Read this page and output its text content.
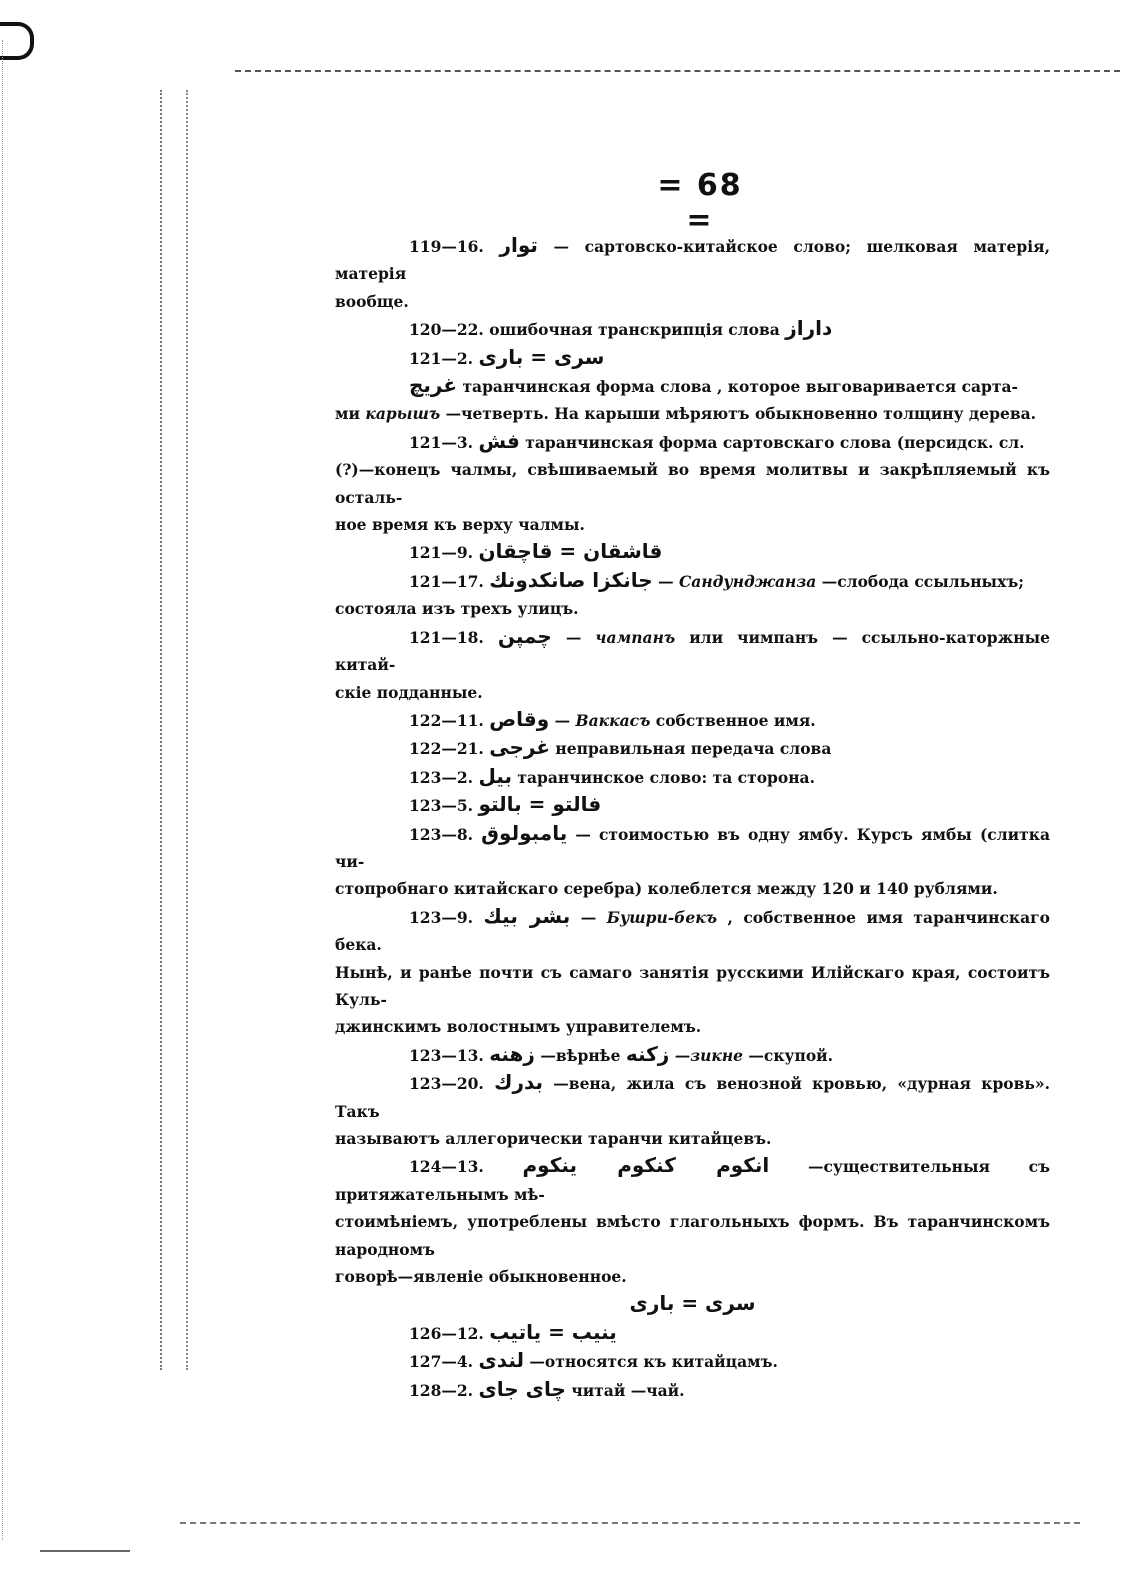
= 68 =

119—16. توار — сартовско-китайское слово; шелковая матерія, матерія

вообще.

120—22. ошибочная транскрипція слова داراز

121—2. سرى = باری

غريچ таранчинская форма слова , которое выговаривается сарта-

ми карышъ —четверть. На карыши мѣряютъ обыкновенно толщину дерева.

121—3. فش таранчинская форма сартовскаго слова (персидск. сл.

(?)—конецъ чалмы, свѣшиваемый во время молитвы и закрѣпляемый къ осталь-

ное время къ верху чалмы.

121—9. قاشقان = قاچقان

121—17. جانكزا صانكدونك — Сандунджанза —слобода ссыльныхъ;

состояла изъ трехъ улицъ.

121—18. چمپن — чампанъ или чимпанъ — ссыльно-каторжные китай-

скіе подданные.

122—11. وقاص — Ваккасъ собственное имя.

122—21. غرجى неправильная передача слова

123—2. بيل таранчинское слово: та сторона.

123—5. فالتو = بالتو

123—8. يامبولوق — стоимостью въ одну ямбу. Курсъ ямбы (слитка чи-

стопробнаго китайскаго серебра) колеблется между 120 и 140 рублями.

123—9. بشر بيك — Бушри-бекъ , собственное имя таранчинскаго бека.

Нынѣ, и ранѣе почти съ самаго занятія русскими Илійскаго края, состоитъ Куль-

джинскимъ волостнымъ управителемъ.

123—13. زهنه —вѣрнѣе زكنه —зикне —скупой.

123—20. بدرك —вена, жила съ венозной кровью, «дурная кровь». Такъ

называютъ аллегорически таранчи китайцевъ.

124—13. انكوم كنكوم ينكوم —существительныя съ притяжательнымъ мѣ-

стоимѣніемъ, употреблены вмѣсто глагольныхъ формъ. Въ таранчинскомъ народномъ

говорѣ—явленіе обыкновенное.

سرى = باری

126—12. ينيب = ياتيب

127—4. لندى —относятся къ китайцамъ.

128—2. چای جای читай —чай.
